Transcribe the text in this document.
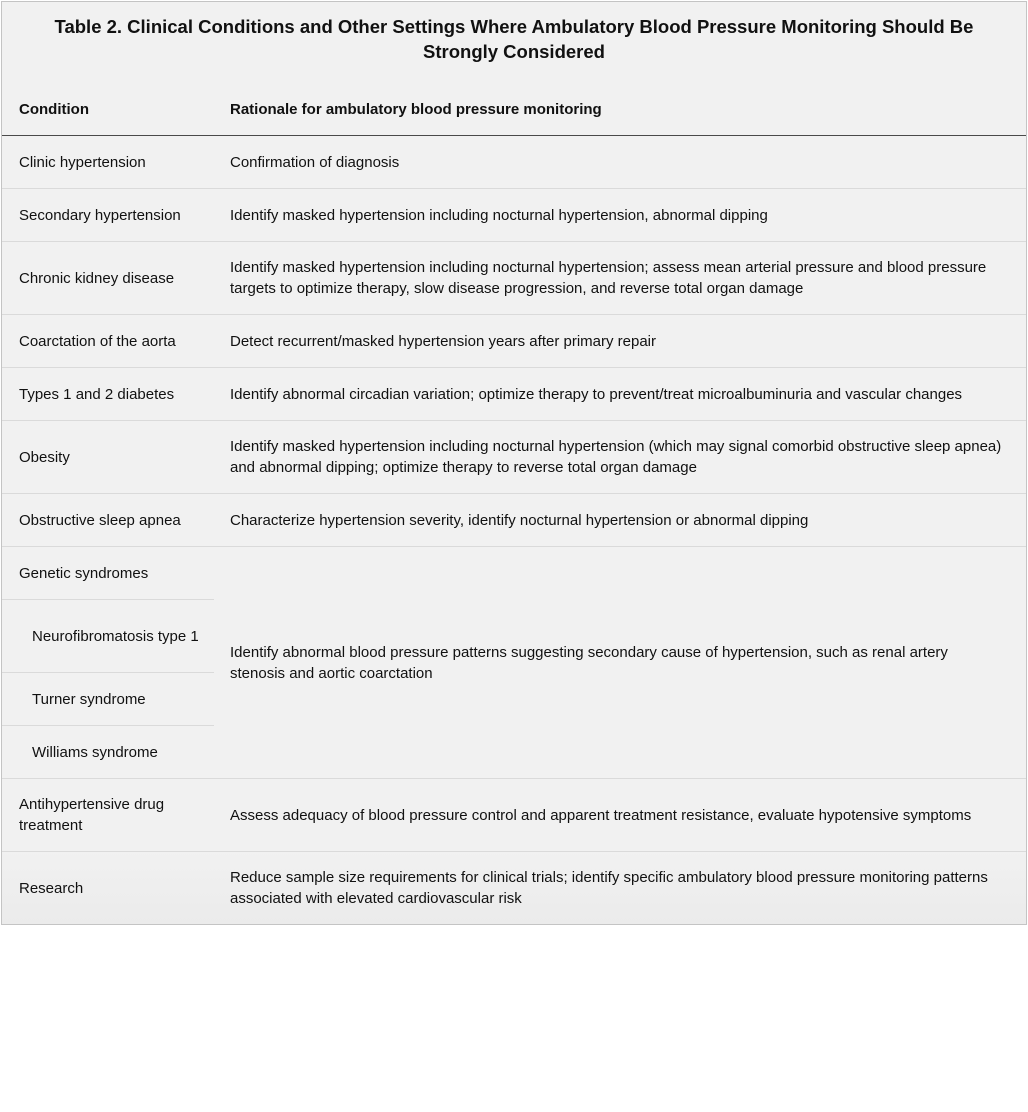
Table 2. Clinical Conditions and Other Settings Where Ambulatory Blood Pressure Monitoring Should Be
Strongly Considered
Condition	Rationale for ambulatory blood pressure monitoring
Clinic hypertension	Confirmation of diagnosis
Secondary hypertension	Identify masked hypertension including nocturnal hypertension, abnormal dipping
Chronic kidney disease	Identify masked hypertension including nocturnal hypertension; assess mean arterial pressure and blood pressure targets to optimize therapy, slow disease progression, and reverse total organ damage
Coarctation of the aorta	Detect recurrent/masked hypertension years after primary repair
Types 1 and 2 diabetes	Identify abnormal circadian variation; optimize therapy to prevent/treat microalbuminuria and vascular changes
Obesity	Identify masked hypertension including nocturnal hypertension (which may signal comorbid obstructive sleep apnea) and abnormal dipping; optimize therapy to reverse total organ damage
Obstructive sleep apnea	Characterize hypertension severity, identify nocturnal hypertension or abnormal dipping
Genetic syndromes	Identify abnormal blood pressure patterns suggesting secondary cause of hypertension, such as renal artery stenosis and aortic coarctation
Neurofibromatosis type 1	
Turner syndrome	
Williams syndrome	
Antihypertensive drug treatment	Assess adequacy of blood pressure control and apparent treatment resistance, evaluate hypotensive symptoms
Research	Reduce sample size requirements for clinical trials; identify specific ambulatory blood pressure monitoring patterns associated with elevated cardiovascular risk
